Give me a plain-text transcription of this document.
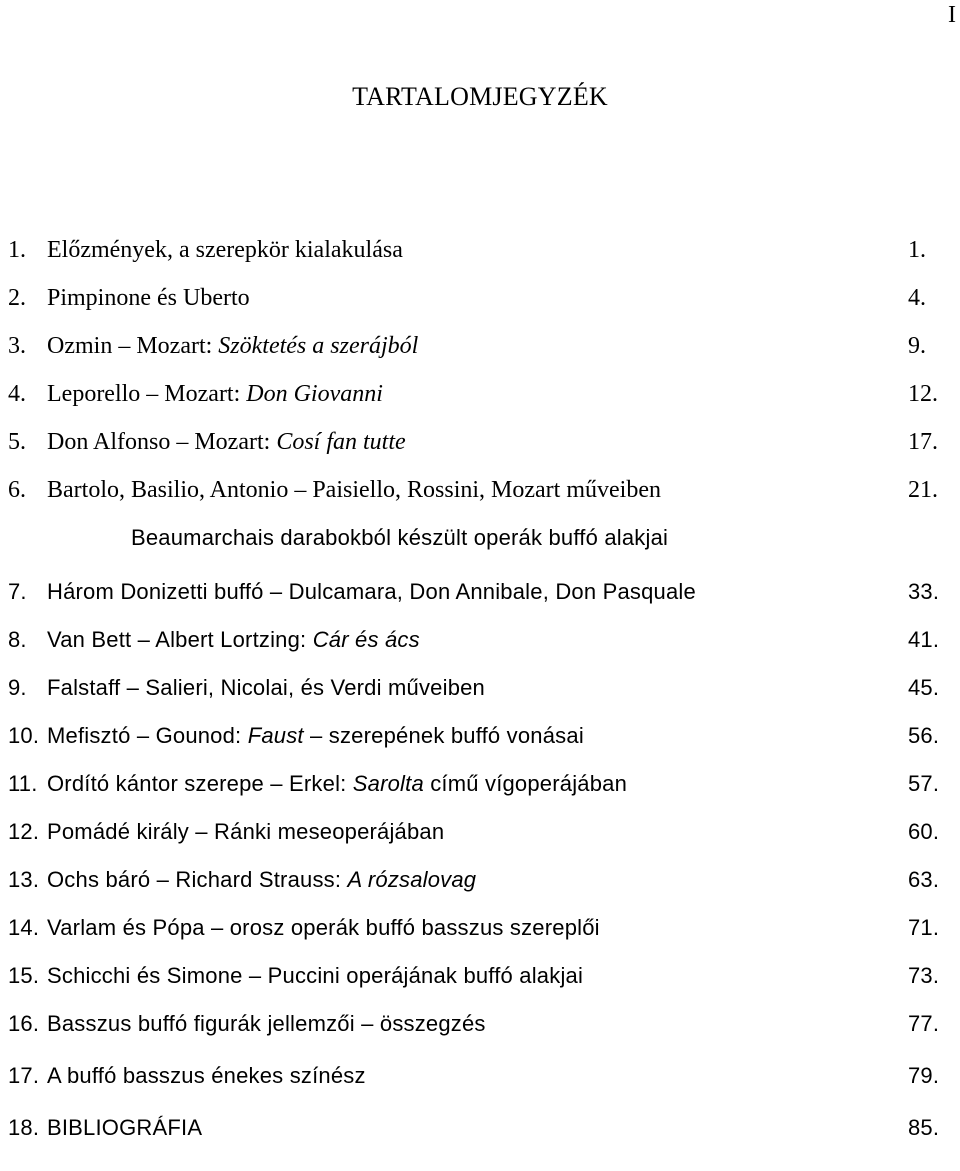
I
TARTALOMJEGYZÉK
1. Előzmények, a szerepkör kialakulása	1.
2. Pimpinone és Uberto	4.
3. Ozmin – Mozart: Szöktetés a szerájból	9.
4. Leporello – Mozart: Don Giovanni	12.
5. Don Alfonso – Mozart: Cosí fan tutte	17.
6. Bartolo, Basilio, Antonio – Paisiello, Rossini, Mozart műveiben	21.
Beaumarchais darabokból készült operák buffó alakjai
7. Három Donizetti buffó – Dulcamara, Don Annibale, Don Pasquale	33.
8. Van Bett – Albert Lortzing: Cár és ács	41.
9. Falstaff – Salieri, Nicolai, és Verdi műveiben	45.
10. Mefisztó – Gounod: Faust – szerepének buffó vonásai	56.
11. Ordító kántor szerepe – Erkel: Sarolta című vígoperájában	57.
12. Pomádé király – Ránki meseoperájában	60.
13. Ochs báró – Richard Strauss: A rózsalovag	63.
14. Varlam és Pópa – orosz operák buffó basszus szereplői	71.
15. Schicchi és Simone – Puccini operájának buffó alakjai	73.
16. Basszus buffó figurák jellemzői – összegzés	77.
17. A buffó basszus énekes színész	79.
18. BIBLIOGRÁFIA	85.
